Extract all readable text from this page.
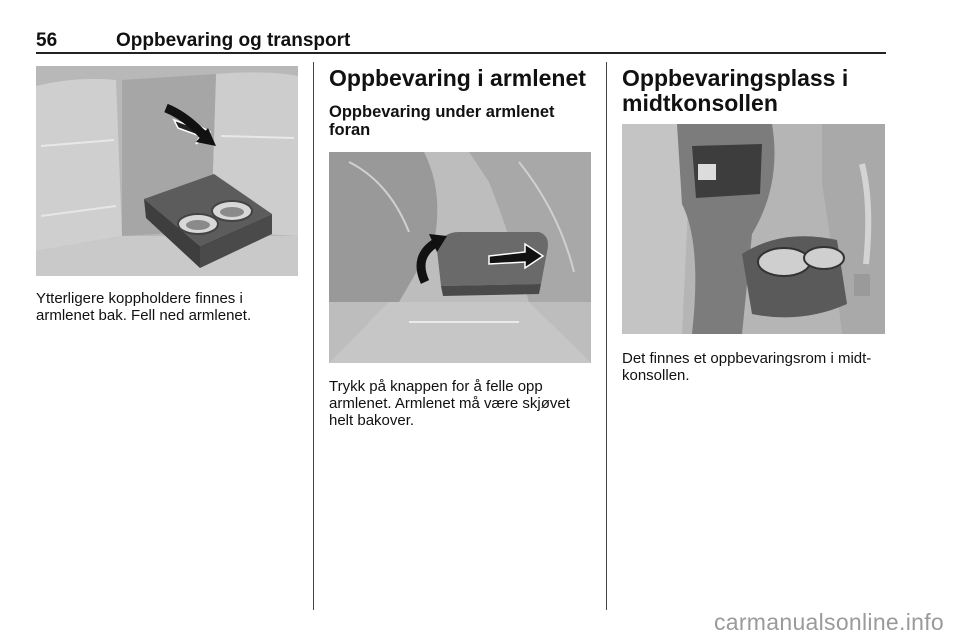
56	Oppbevaring og transport
Ytterligere koppholdere finnes i
armlenet bak. Fell ned armlenet.
Oppbevaring i armlenet
Oppbevaring under armlenet
foran
Trykk på knappen for å felle opp
armlenet. Armlenet må være skjøvet
helt bakover.
Oppbevaringsplass i
midtkonsollen
Det finnes et oppbevaringsrom i midt-
konsollen.
carmanualsonline.info
